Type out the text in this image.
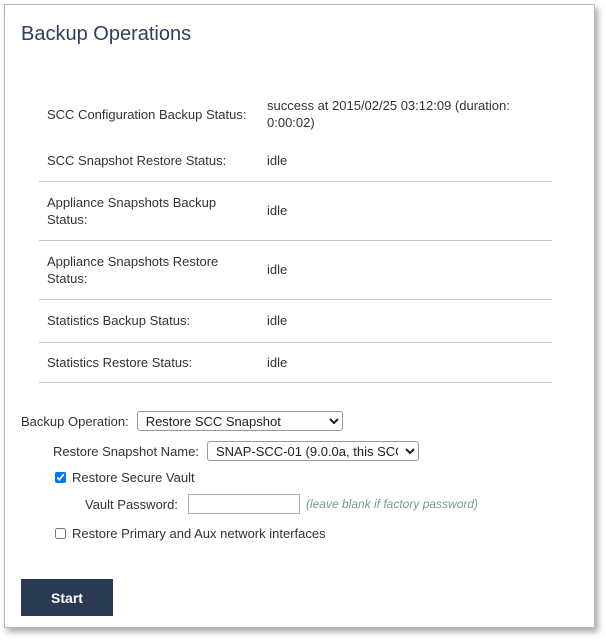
Backup Operations
SCC Configuration Backup Status:	success at 2015/02/25 03:12:09 (duration: 0:00:02)
SCC Snapshot Restore Status:	idle
Appliance Snapshots Backup Status:	idle
Appliance Snapshots Restore Status:	idle
Statistics Backup Status:	idle
Statistics Restore Status:	idle
Backup Operation:
Restore SCC Snapshot
Restore Snapshot Name:
SNAP-SCC-01 (9.0.0a, this SCC)
Restore Secure Vault
Vault Password:	(leave blank if factory password)
Restore Primary and Aux network interfaces
Start
